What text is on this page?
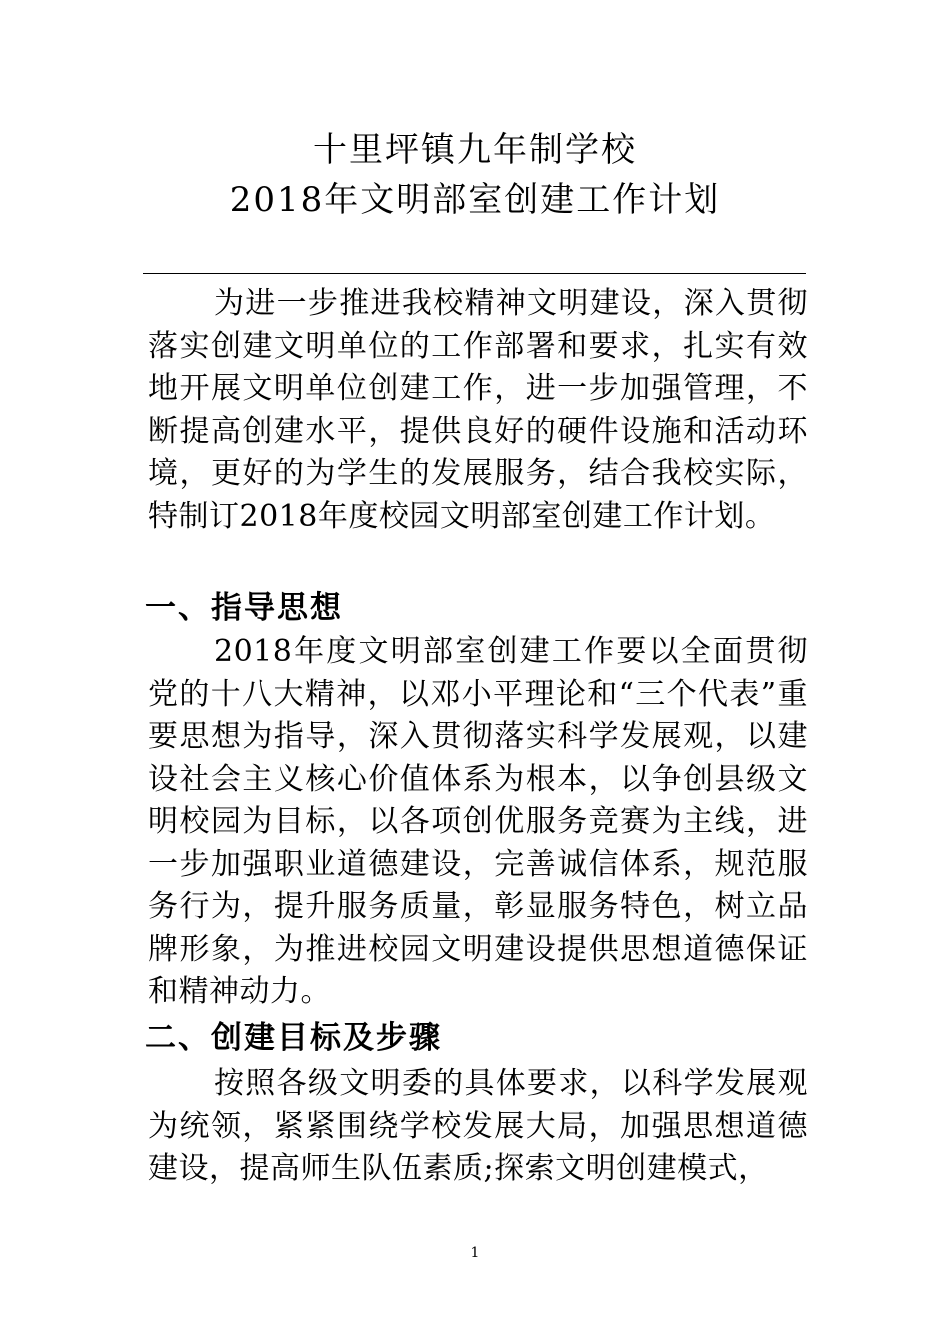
十里坪镇九年制学校
2018年文明部室创建工作计划
为进一步推进我校精神文明建设，深入贯彻落实创建文明单位的工作部署和要求，扎实有效地开展文明单位创建工作，进一步加强管理，不断提高创建水平，提供良好的硬件设施和活动环境，更好的为学生的发展服务，结合我校实际，特制订2018年度校园文明部室创建工作计划。
一、指导思想
2018年度文明部室创建工作要以全面贯彻党的十八大精神，以邓小平理论和“三个代表”重要思想为指导，深入贯彻落实科学发展观，以建设社会主义核心价值体系为根本，以争创县级文明校园为目标，以各项创优服务竞赛为主线，进一步加强职业道德建设，完善诚信体系，规范服务行为，提升服务质量，彰显服务特色，树立品牌形象，为推进校园文明建设提供思想道德保证和精神动力。
二、创建目标及步骤
按照各级文明委的具体要求，以科学发展观为统领，紧紧围绕学校发展大局，加强思想道德建设，提高师生队伍素质;探索文明创建模式，
1
